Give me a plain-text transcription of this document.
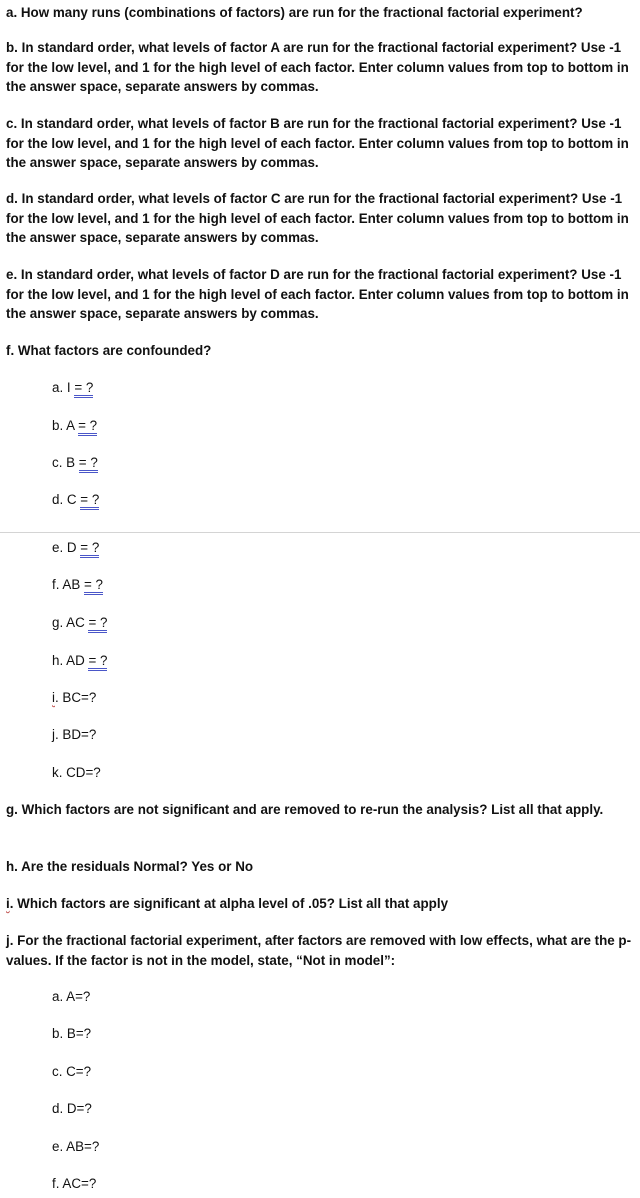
a. How many runs (combinations of factors) are run for the fractional factorial experiment?

b. In standard order, what levels of factor A are run for the fractional factorial experiment? Use -1 for the low level, and 1 for the high level of each factor. Enter column values from top to bottom in the answer space, separate answers by commas.

c. In standard order, what levels of factor B are run for the fractional factorial experiment? Use -1 for the low level, and 1 for the high level of each factor. Enter column values from top to bottom in the answer space, separate answers by commas.

d. In standard order, what levels of factor C are run for the fractional factorial experiment? Use -1 for the low level, and 1 for the high level of each factor. Enter column values from top to bottom in the answer space, separate answers by commas.

e. In standard order, what levels of factor D are run for the fractional factorial experiment? Use -1 for the low level, and 1 for the high level of each factor. Enter column values from top to bottom in the answer space, separate answers by commas.

f. What factors are confounded?

a. I = ?

b. A = ?

c. B = ?

d. C = ?

e. D = ?

f. AB = ?

g. AC = ?

h. AD = ?

i. BC=?

j. BD=?

k. CD=?

g. Which factors are not significant and are removed to re-run the analysis? List all that apply.

h. Are the residuals Normal? Yes or No

i. Which factors are significant at alpha level of .05? List all that apply

j. For the fractional factorial experiment, after factors are removed with low effects, what are the p-values. If the factor is not in the model, state, “Not in model”:

a. A=?

b. B=?

c. C=?

d. D=?

e. AB=?

f. AC=?
